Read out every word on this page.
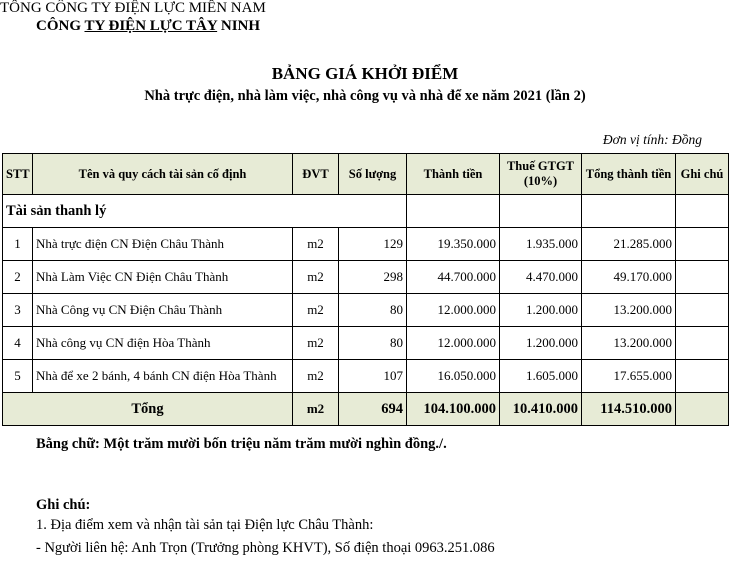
TỔNG CÔNG TY ĐIỆN LỰC MIỀN NAM
CÔNG TY ĐIỆN LỰC TÂY NINH
BẢNG GIÁ KHỞI ĐIỂM
Nhà trực điện, nhà làm việc, nhà công vụ và nhà để xe năm 2021 (lần 2)
Đơn vị tính: Đồng
STT	Tên và quy cách tài sản cố định	ĐVT	Số lượng	Thành tiền	Thuế GTGT (10%)	Tổng thành tiền	Ghi chú
Tài sản thanh lý							
1	Nhà trực điện CN Điện Châu Thành	m2	129	19.350.000	1.935.000	21.285.000	
2	Nhà Làm Việc CN Điện Châu Thành	m2	298	44.700.000	4.470.000	49.170.000	
3	Nhà Công vụ CN Điện Châu Thành	m2	80	12.000.000	1.200.000	13.200.000	
4	Nhà công vụ CN điện Hòa Thành	m2	80	12.000.000	1.200.000	13.200.000	
5	Nhà để xe 2 bánh, 4 bánh CN điện Hòa Thành	m2	107	16.050.000	1.605.000	17.655.000	
Tổng		m2	694	104.100.000	10.410.000	114.510.000	
Bằng chữ: Một trăm mười bốn triệu năm trăm mười nghìn đồng./.
Ghi chú:
1. Địa điểm xem và nhận tài sản tại Điện lực Châu Thành:
- Người liên hệ: Anh Trọn (Trưởng phòng KHVT), Số điện thoại 0963.251.086
